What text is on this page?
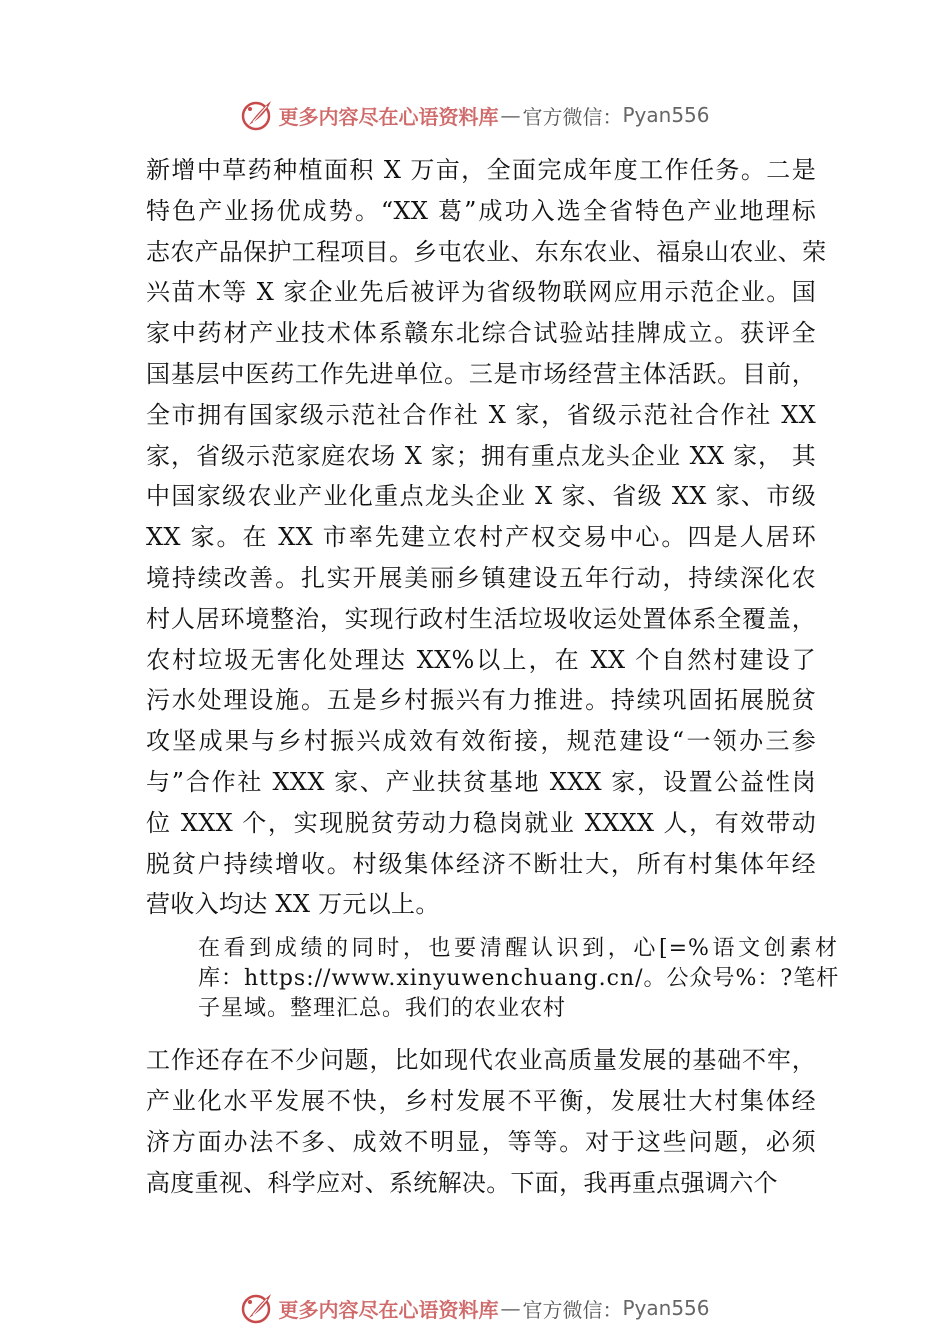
更多内容尽在心语资料库 — 官方微信： Pyan556
新增中草药种植面积 X 万亩，全面完成年度工作任务。二是
特色产业扬优成势。“XX 葛”成功入选全省特色产业地理标
志农产品保护工程项目。乡屯农业、东东农业、福泉山农业、荣
兴苗木等 X 家企业先后被评为省级物联网应用示范企业。国
家中药材产业技术体系赣东北综合试验站挂牌成立。获评全
国基层中医药工作先进单位。三是市场经营主体活跃。目前，
全市拥有国家级示范社合作社 X 家，省级示范社合作社 XX
家，省级示范家庭农场 X 家；拥有重点龙头企业 XX 家， 其
中国家级农业产业化重点龙头企业 X 家、省级 XX 家、市级
XX 家。在 XX 市率先建立农村产权交易中心。四是人居环
境持续改善。扎实开展美丽乡镇建设五年行动，持续深化农
村人居环境整治，实现行政村生活垃圾收运处置体系全覆盖，
农村垃圾无害化处理达 XX%以上，在 XX 个自然村建设了
污水处理设施。五是乡村振兴有力推进。持续巩固拓展脱贫
攻坚成果与乡村振兴成效有效衔接，规范建设“一领办三参
与”合作社 XXX 家、产业扶贫基地 XXX 家，设置公益性岗
位 XXX 个，实现脱贫劳动力稳岗就业 XXXX 人，有效带动
脱贫户持续增收。村级集体经济不断壮大，所有村集体年经
营收入均达 XX 万元以上。
在看到成绩的同时，也要清醒认识到，心[=%语文创素材
库：https://www.xinyuwenchuang.cn/。公众号%：?笔杆
子星域。整理汇总。我们的农业农村
工作还存在不少问题，比如现代农业高质量发展的基础不牢，
产业化水平发展不快，乡村发展不平衡，发展壮大村集体经
济方面办法不多、成效不明显，等等。对于这些问题，必须
高度重视、科学应对、系统解决。下面，我再重点强调六个
更多内容尽在心语资料库 — 官方微信： Pyan556
